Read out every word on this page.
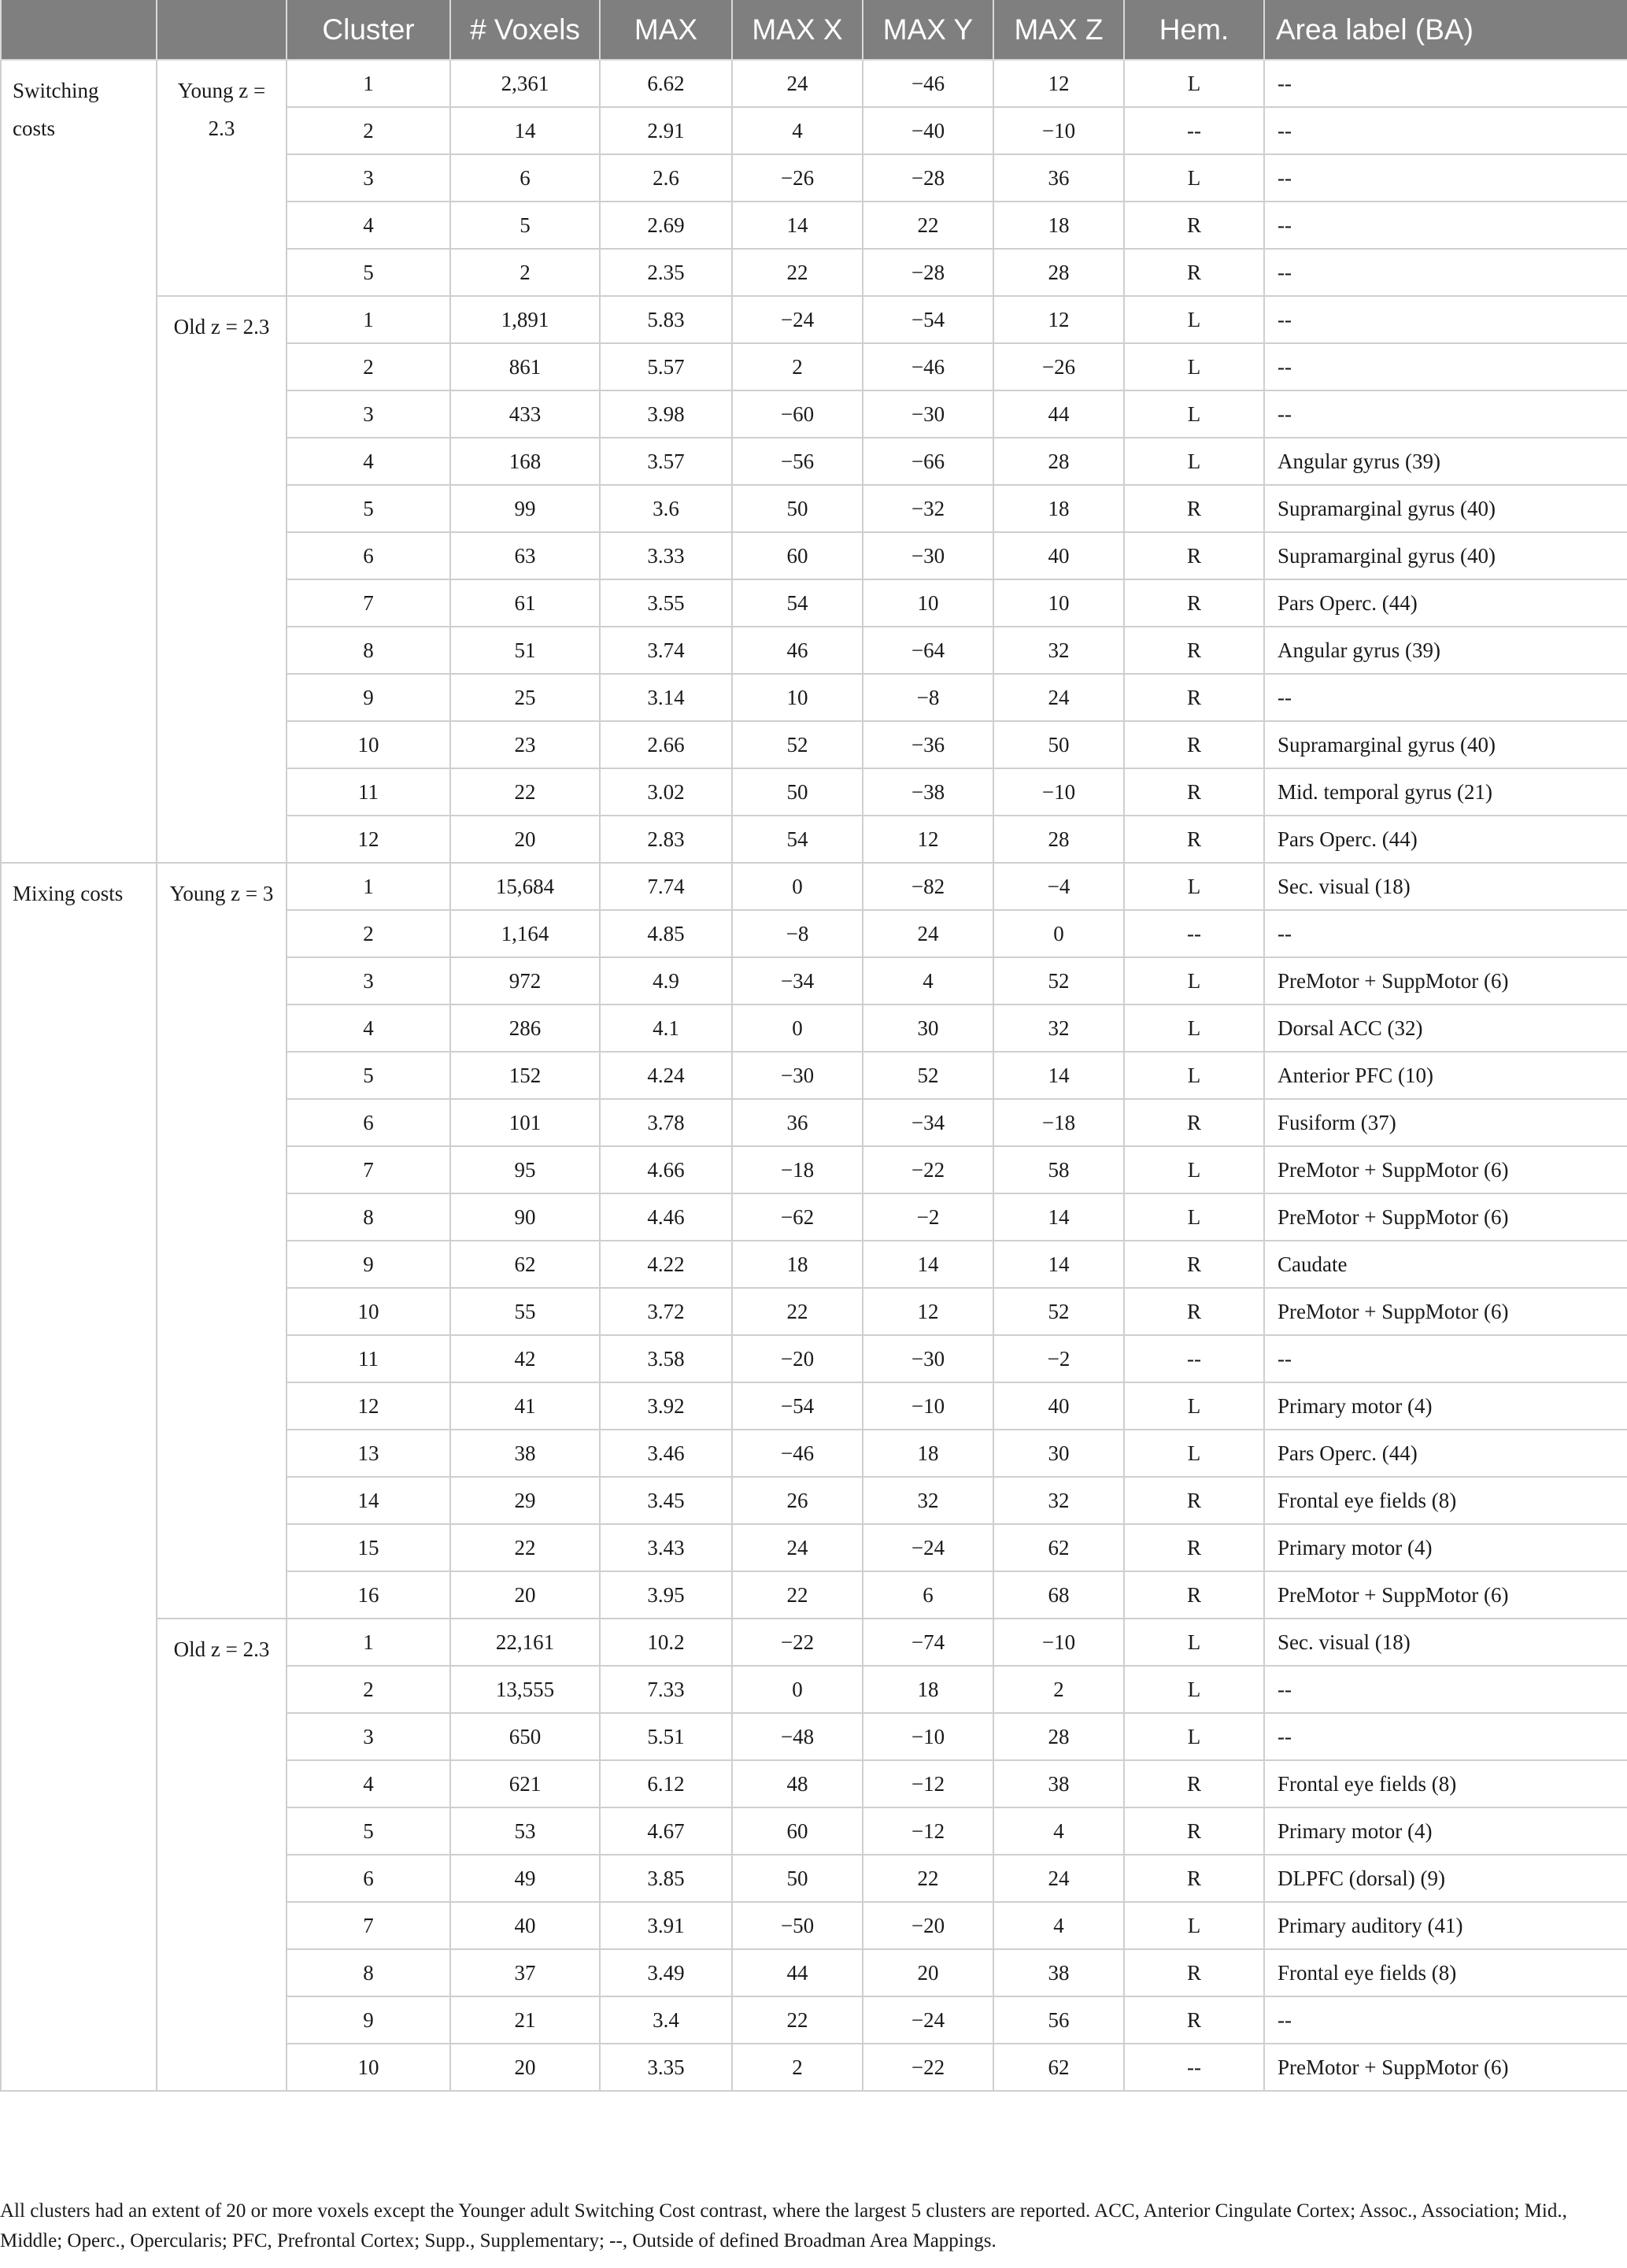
		Cluster	# Voxels	MAX	MAX X	MAX Y	MAX Z	Hem.	Area label (BA)
Switching costs	Young z = 2.3	1	2,361	6.62	24	−46	12	L	--
		2	14	2.91	4	−40	−10	--	--
		3	6	2.6	−26	−28	36	L	--
		4	5	2.69	14	22	18	R	--
		5	2	2.35	22	−28	28	R	--
	Old z = 2.3	1	1,891	5.83	−24	−54	12	L	--
		2	861	5.57	2	−46	−26	L	--
		3	433	3.98	−60	−30	44	L	--
		4	168	3.57	−56	−66	28	L	Angular gyrus (39)
		5	99	3.6	50	−32	18	R	Supramarginal gyrus (40)
		6	63	3.33	60	−30	40	R	Supramarginal gyrus (40)
		7	61	3.55	54	10	10	R	Pars Operc. (44)
		8	51	3.74	46	−64	32	R	Angular gyrus (39)
		9	25	3.14	10	−8	24	R	--
		10	23	2.66	52	−36	50	R	Supramarginal gyrus (40)
		11	22	3.02	50	−38	−10	R	Mid. temporal gyrus (21)
		12	20	2.83	54	12	28	R	Pars Operc. (44)
Mixing costs	Young z = 3	1	15,684	7.74	0	−82	−4	L	Sec. visual (18)
		2	1,164	4.85	−8	24	0	--	--
		3	972	4.9	−34	4	52	L	PreMotor + SuppMotor (6)
		4	286	4.1	0	30	32	L	Dorsal ACC (32)
		5	152	4.24	−30	52	14	L	Anterior PFC (10)
		6	101	3.78	36	−34	−18	R	Fusiform (37)
		7	95	4.66	−18	−22	58	L	PreMotor + SuppMotor (6)
		8	90	4.46	−62	−2	14	L	PreMotor + SuppMotor (6)
		9	62	4.22	18	14	14	R	Caudate
		10	55	3.72	22	12	52	R	PreMotor + SuppMotor (6)
		11	42	3.58	−20	−30	−2	--	--
		12	41	3.92	−54	−10	40	L	Primary motor (4)
		13	38	3.46	−46	18	30	L	Pars Operc. (44)
		14	29	3.45	26	32	32	R	Frontal eye fields (8)
		15	22	3.43	24	−24	62	R	Primary motor (4)
		16	20	3.95	22	6	68	R	PreMotor + SuppMotor (6)
	Old z = 2.3	1	22,161	10.2	−22	−74	−10	L	Sec. visual (18)
		2	13,555	7.33	0	18	2	L	--
		3	650	5.51	−48	−10	28	L	--
		4	621	6.12	48	−12	38	R	Frontal eye fields (8)
		5	53	4.67	60	−12	4	R	Primary motor (4)
		6	49	3.85	50	22	24	R	DLPFC (dorsal) (9)
		7	40	3.91	−50	−20	4	L	Primary auditory (41)
		8	37	3.49	44	20	38	R	Frontal eye fields (8)
		9	21	3.4	22	−24	56	R	--
		10	20	3.35	2	−22	62	--	PreMotor + SuppMotor (6)
All clusters had an extent of 20 or more voxels except the Younger adult Switching Cost contrast, where the largest 5 clusters are reported. ACC, Anterior Cingulate Cortex; Assoc., Association; Mid., Middle; Operc., Opercularis; PFC, Prefrontal Cortex; Supp., Supplementary; --, Outside of defined Broadman Area Mappings.
